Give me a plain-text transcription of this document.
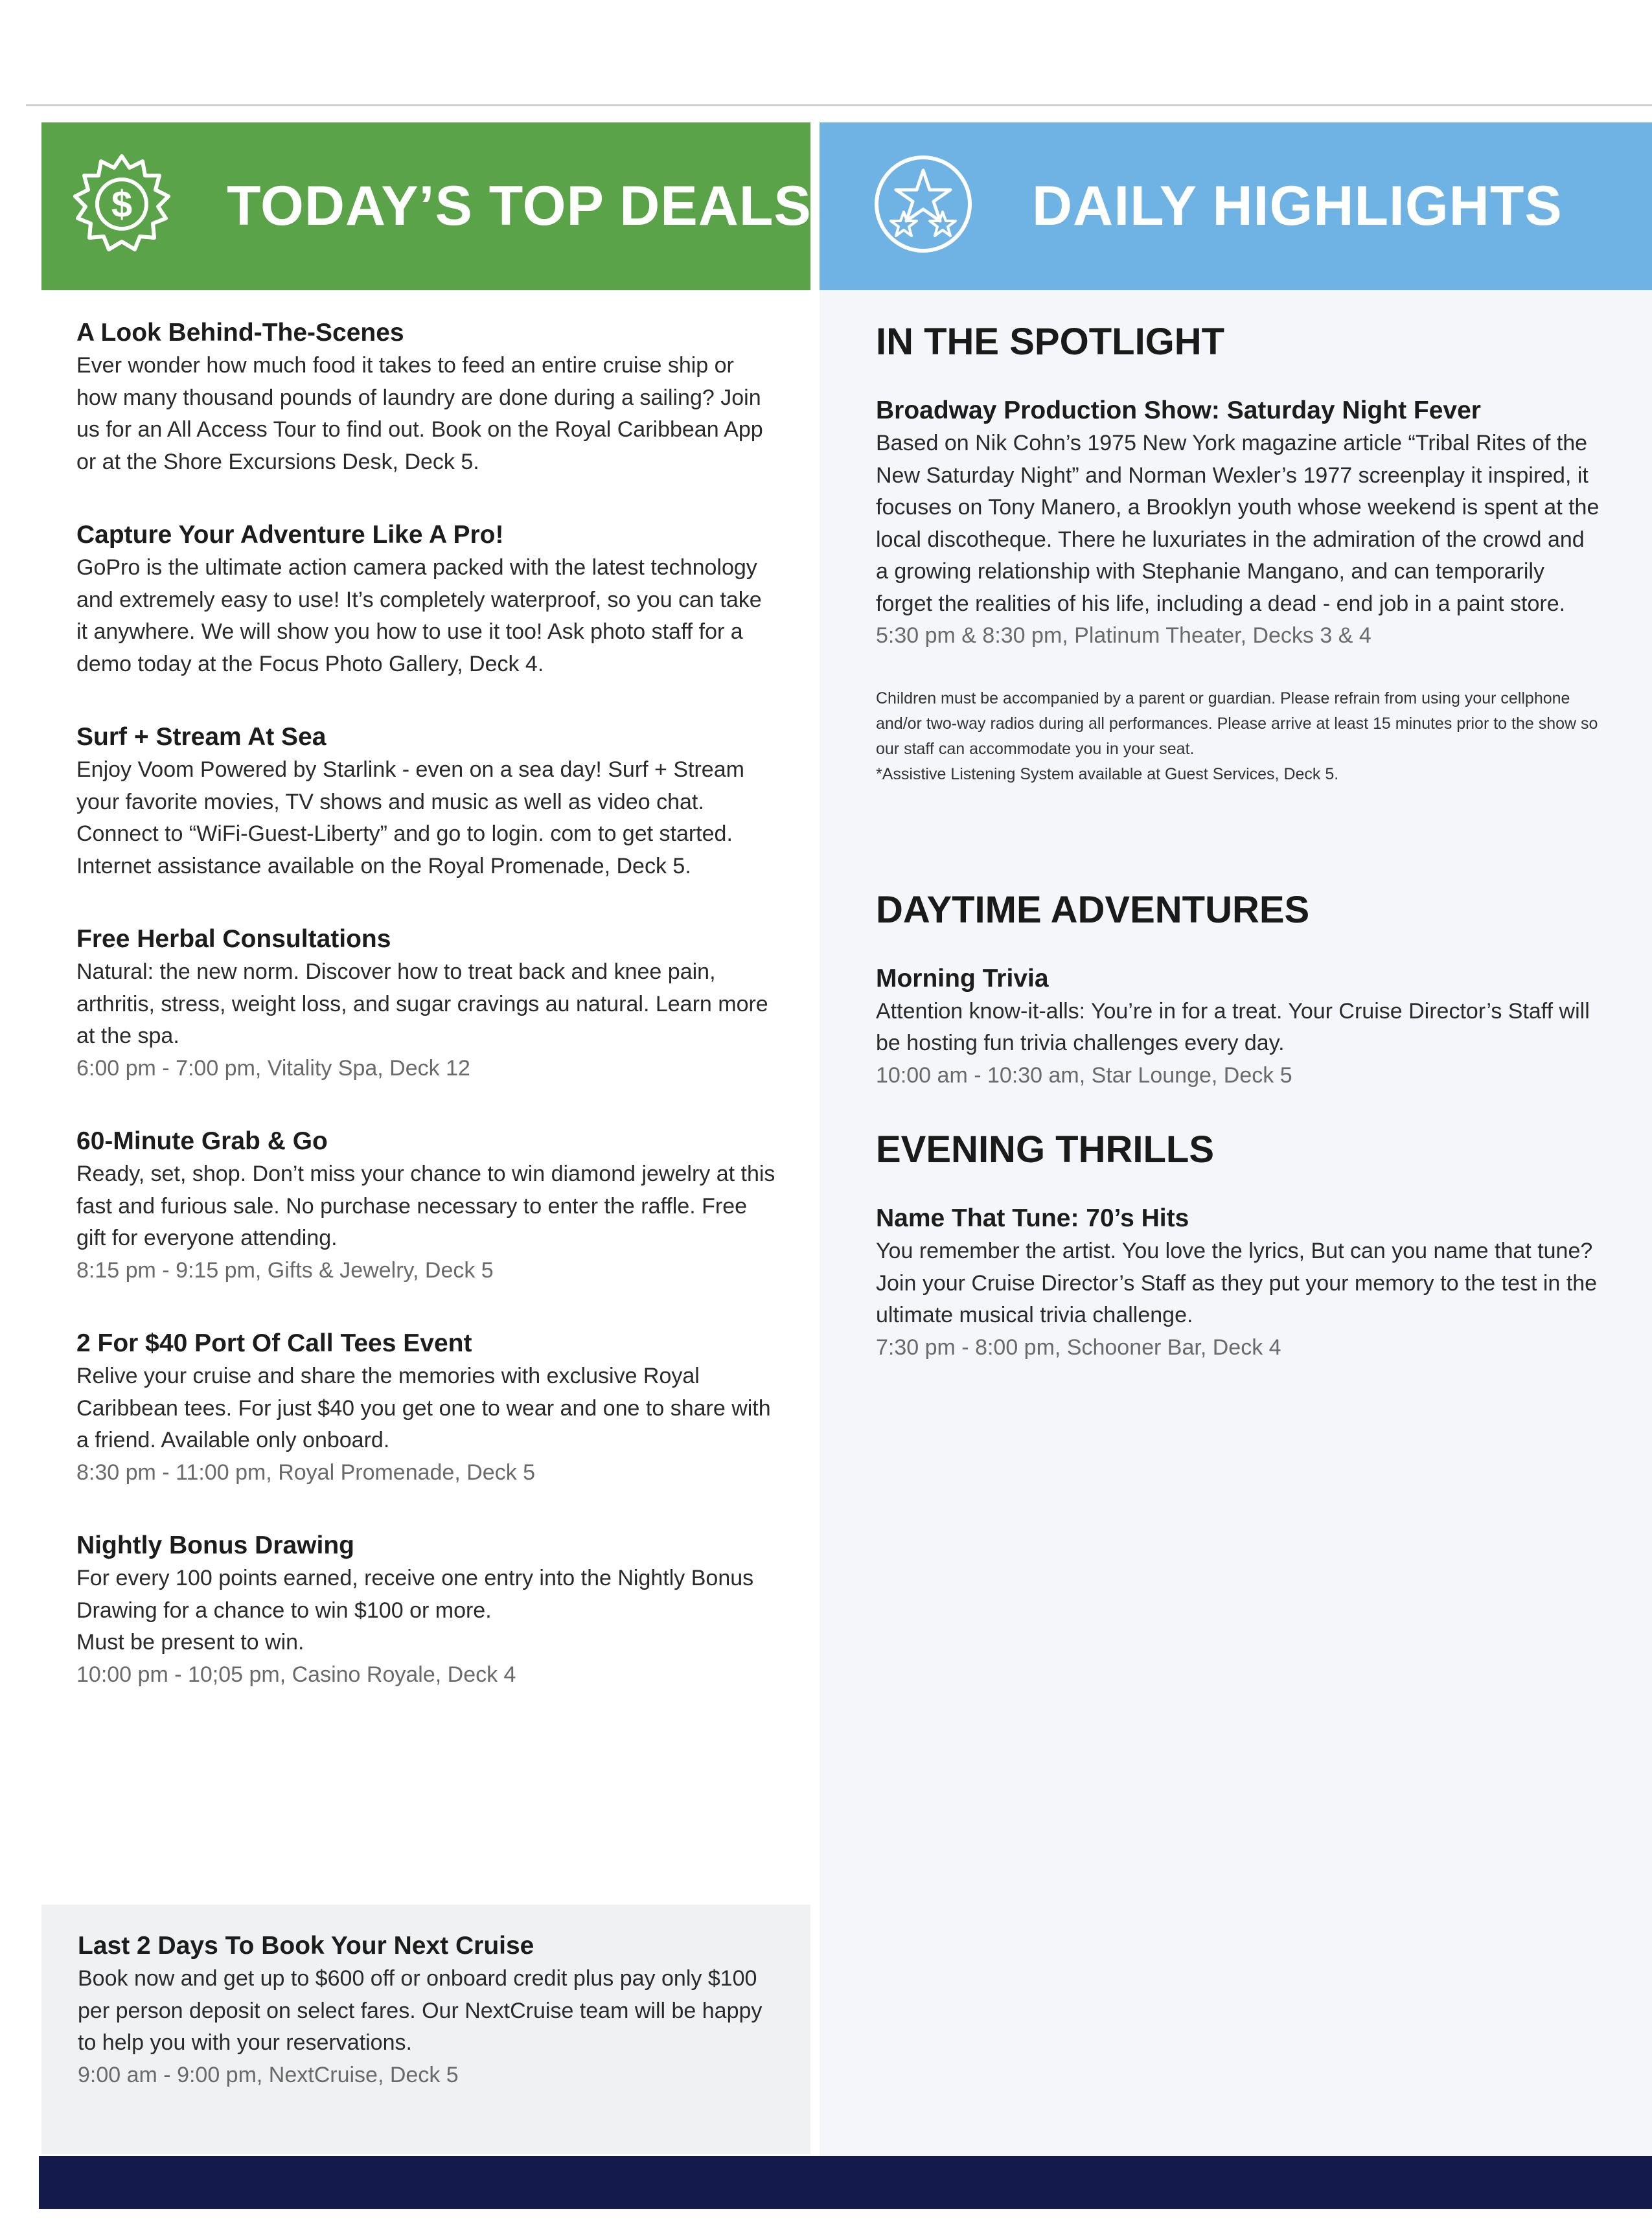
$ TODAY’S TOP DEALS	DAILY HIGHLIGHTS
A Look Behind-The-Scenes
Ever wonder how much food it takes to feed an entire cruise ship or how many thousand pounds of laundry are done during a sailing? Join us for an All Access Tour to find out. Book on the Royal Caribbean App or at the Shore Excursions Desk, Deck 5.
Capture Your Adventure Like A Pro!
GoPro is the ultimate action camera packed with the latest technology and extremely easy to use! It’s completely waterproof, so you can take it anywhere. We will show you how to use it too! Ask photo staff for a demo today at the Focus Photo Gallery, Deck 4.
Surf + Stream At Sea
Enjoy Voom Powered by Starlink - even on a sea day! Surf + Stream your favorite movies, TV shows and music as well as video chat. Connect to “WiFi-Guest-Liberty” and go to login. com to get started.
Internet assistance available on the Royal Promenade, Deck 5.
Free Herbal Consultations
Natural: the new norm. Discover how to treat back and knee pain, arthritis, stress, weight loss, and sugar cravings au natural. Learn more at the spa.
6:00 pm - 7:00 pm, Vitality Spa, Deck 12
60-Minute Grab & Go
Ready, set, shop. Don’t miss your chance to win diamond jewelry at this fast and furious sale. No purchase necessary to enter the raffle. Free gift for everyone attending.
8:15 pm - 9:15 pm, Gifts & Jewelry, Deck 5
2 For $40 Port Of Call Tees Event
Relive your cruise and share the memories with exclusive Royal Caribbean tees. For just $40 you get one to wear and one to share with a friend. Available only onboard.
8:30 pm - 11:00 pm, Royal Promenade, Deck 5
Nightly Bonus Drawing
For every 100 points earned, receive one entry into the Nightly Bonus Drawing for a chance to win $100 or more.
Must be present to win.
10:00 pm - 10;05 pm, Casino Royale, Deck 4
Last 2 Days To Book Your Next Cruise
Book now and get up to $600 off or onboard credit plus pay only $100 per person deposit on select fares. Our NextCruise team will be happy to help you with your reservations.
9:00 am - 9:00 pm, NextCruise, Deck 5
IN THE SPOTLIGHT
Broadway Production Show: Saturday Night Fever
Based on Nik Cohn’s 1975 New York magazine article “Tribal Rites of the New Saturday Night” and Norman Wexler’s 1977 screenplay it inspired, it focuses on Tony Manero, a Brooklyn youth whose weekend is spent at the local discotheque. There he luxuriates in the admiration of the crowd and a growing relationship with Stephanie Mangano, and can temporarily forget the realities of his life, including a dead - end job in a paint store.
5:30 pm & 8:30 pm, Platinum Theater, Decks 3 & 4
Children must be accompanied by a parent or guardian. Please refrain from using your cellphone and/or two-way radios during all performances. Please arrive at least 15 minutes prior to the show so our staff can accommodate you in your seat.
*Assistive Listening System available at Guest Services, Deck 5.
DAYTIME ADVENTURES
Morning Trivia
Attention know-it-alls: You’re in for a treat. Your Cruise Director’s Staff will be hosting fun trivia challenges every day.
10:00 am - 10:30 am, Star Lounge, Deck 5
EVENING THRILLS
Name That Tune: 70’s Hits
You remember the artist. You love the lyrics, But can you name that tune? Join your Cruise Director’s Staff as they put your memory to the test in the ultimate musical trivia challenge.
7:30 pm - 8:00 pm, Schooner Bar, Deck 4
